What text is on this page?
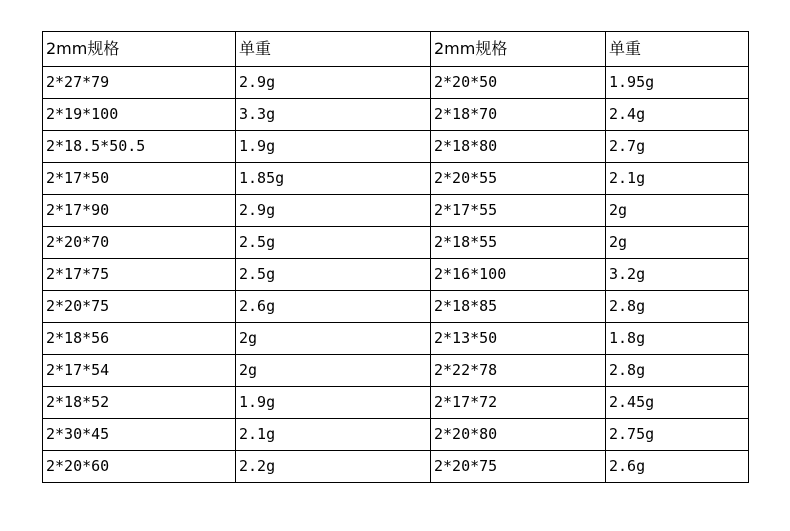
2mm规格	单重	2mm规格	单重
2*27*79	2.9g	2*20*50	1.95g
2*19*100	3.3g	2*18*70	2.4g
2*18.5*50.5	1.9g	2*18*80	2.7g
2*17*50	1.85g	2*20*55	2.1g
2*17*90	2.9g	2*17*55	2g
2*20*70	2.5g	2*18*55	2g
2*17*75	2.5g	2*16*100	3.2g
2*20*75	2.6g	2*18*85	2.8g
2*18*56	2g	2*13*50	1.8g
2*17*54	2g	2*22*78	2.8g
2*18*52	1.9g	2*17*72	2.45g
2*30*45	2.1g	2*20*80	2.75g
2*20*60	2.2g	2*20*75	2.6g
